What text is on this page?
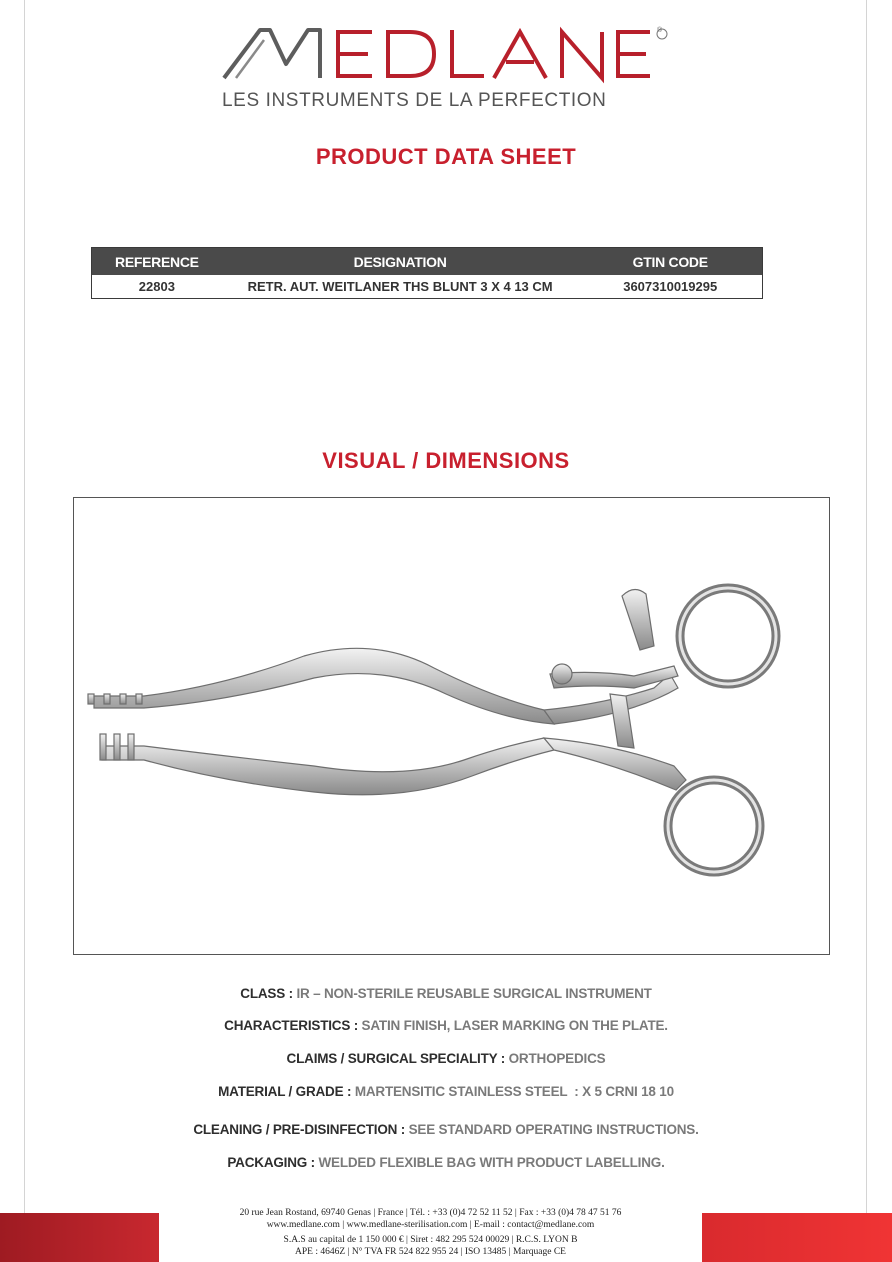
®
LES INSTRUMENTS DE LA PERFECTION
PRODUCT DATA SHEET
REFERENCE	DESIGNATION	GTIN CODE
22803	RETR. AUT. WEITLANER THS BLUNT 3 X 4 13 CM	3607310019295
VISUAL / DIMENSIONS
CLASS : IR – NON-STERILE REUSABLE SURGICAL INSTRUMENT
CHARACTERISTICS : SATIN FINISH, LASER MARKING ON THE PLATE.
CLAIMS / SURGICAL SPECIALITY : ORTHOPEDICS
MATERIAL / GRADE : MARTENSITIC STAINLESS STEEL  : X 5 CRNI 18 10
CLEANING / PRE-DISINFECTION : SEE STANDARD OPERATING INSTRUCTIONS.
PACKAGING : WELDED FLEXIBLE BAG WITH PRODUCT LABELLING.
20 rue Jean Rostand, 69740 Genas | France | Tél. : +33 (0)4 72 52 11 52 | Fax : +33 (0)4 78 47 51 76
www.medlane.com | www.medlane-sterilisation.com | E-mail : contact@medlane.com
S.A.S au capital de 1 150 000 € | Siret : 482 295 524 00029 | R.C.S. LYON B
APE : 4646Z | N° TVA FR 524 822 955 24 | ISO 13485 | Marquage CE
